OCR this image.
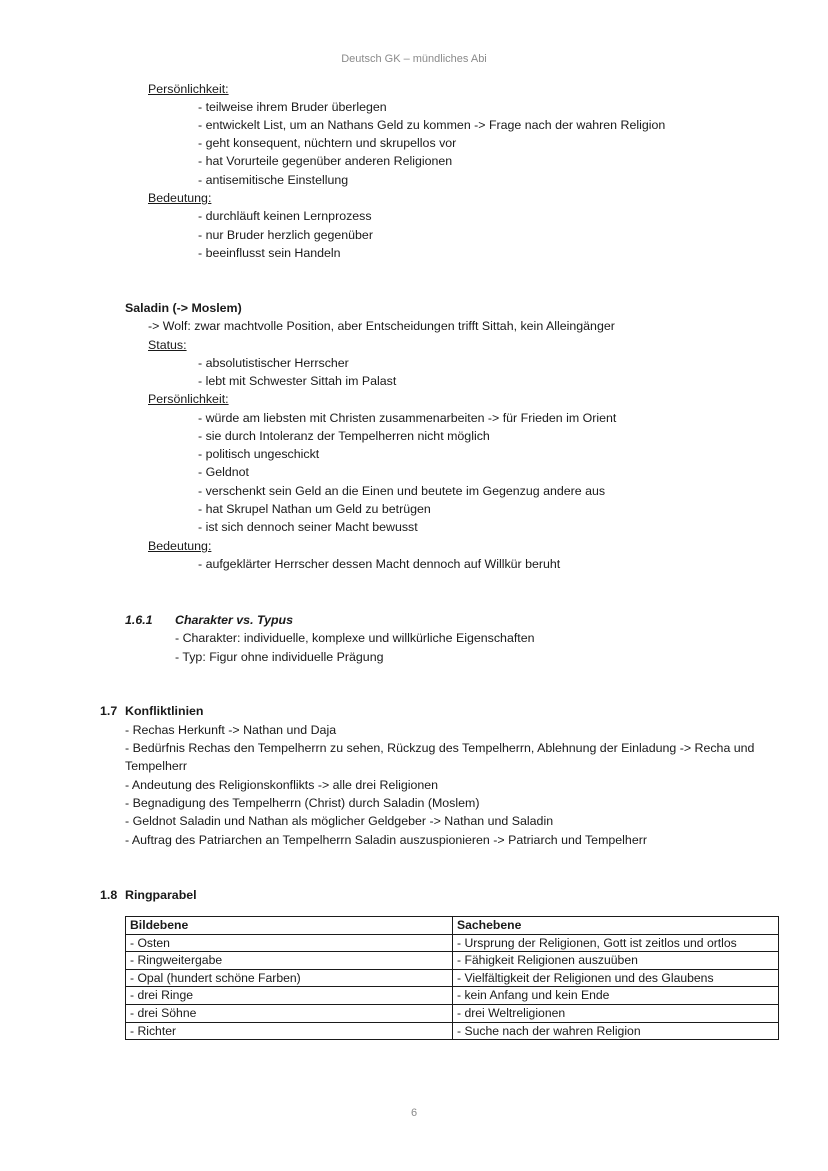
Deutsch GK – mündliches Abi
Persönlichkeit:
- teilweise ihrem Bruder überlegen
- entwickelt List, um an Nathans Geld zu kommen -> Frage nach der wahren Religion
- geht konsequent, nüchtern und skrupellos vor
- hat Vorurteile gegenüber anderen Religionen
- antisemitische Einstellung
Bedeutung:
- durchläuft keinen Lernprozess
- nur Bruder herzlich gegenüber
- beeinflusst sein Handeln
Saladin (-> Moslem)
-> Wolf: zwar machtvolle Position, aber Entscheidungen trifft Sittah, kein Alleingänger
Status:
- absolutistischer Herrscher
- lebt mit Schwester Sittah im Palast
Persönlichkeit:
- würde am liebsten mit Christen zusammenarbeiten -> für Frieden im Orient
- sie durch Intoleranz der Tempelherren nicht möglich
- politisch ungeschickt
- Geldnot
- verschenkt sein Geld an die Einen und beutete im Gegenzug andere aus
- hat Skrupel Nathan um Geld zu betrügen
- ist sich dennoch seiner Macht bewusst
Bedeutung:
- aufgeklärter Herrscher dessen Macht dennoch auf Willkür beruht
1.6.1 Charakter vs. Typus
- Charakter: individuelle, komplexe und willkürliche Eigenschaften
- Typ: Figur ohne individuelle Prägung
1.7 Konfliktlinien
- Rechas Herkunft -> Nathan und Daja
- Bedürfnis Rechas den Tempelherrn zu sehen, Rückzug des Tempelherrn, Ablehnung der Einladung -> Recha und
Tempelherr
- Andeutung des Religionskonflikts -> alle drei Religionen
- Begnadigung des Tempelherrn (Christ) durch Saladin (Moslem)
- Geldnot Saladin und Nathan als möglicher Geldgeber -> Nathan und Saladin
- Auftrag des Patriarchen an Tempelherrn Saladin auszuspionieren -> Patriarch und Tempelherr
1.8 Ringparabel
Bildebene	Sachebene
- Osten	- Ursprung der Religionen, Gott ist zeitlos und ortlos
- Ringweitergabe	- Fähigkeit Religionen auszuüben
- Opal (hundert schöne Farben)	- Vielfältigkeit der Religionen und des Glaubens
- drei Ringe	- kein Anfang und kein Ende
- drei Söhne	- drei Weltreligionen
- Richter	- Suche nach der wahren Religion
6
